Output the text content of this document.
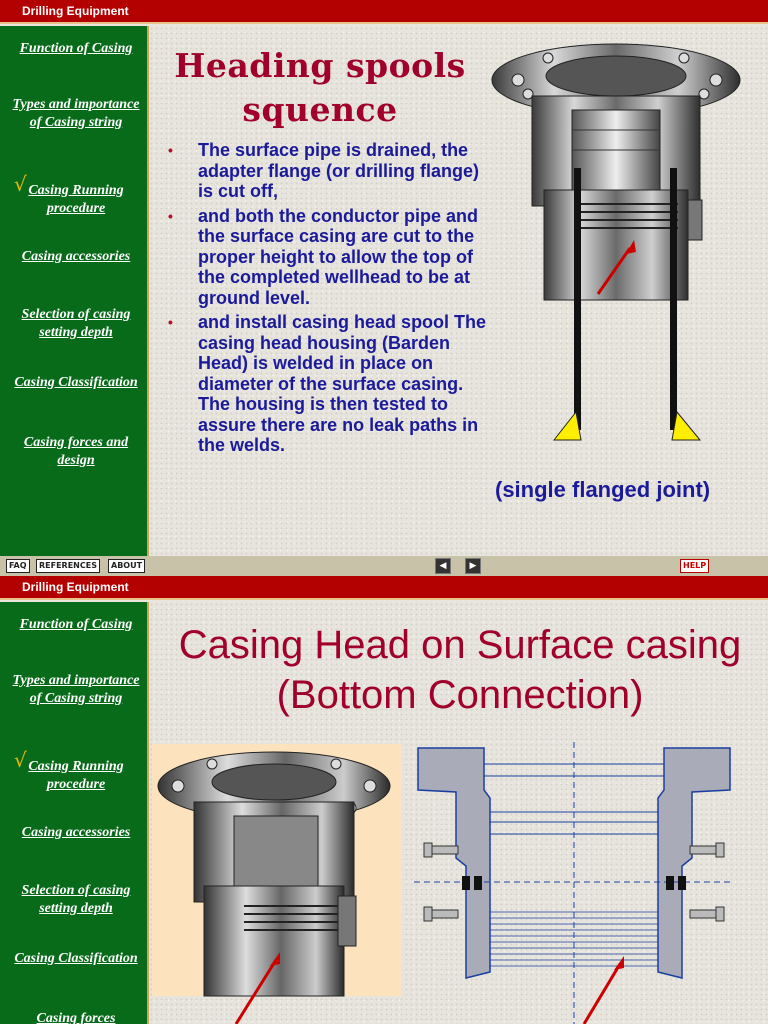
Drilling Equipment
Function of Casing
Types and importance of Casing string
√ Casing Running procedure
Casing accessories
Selection of casing setting depth
Casing Classification
Casing forces and design
Heading spools squence
• The surface pipe is drained, the adapter flange (or drilling flange) is cut off,
• and both the conductor pipe and the surface casing are cut to the proper height to allow the top of the completed wellhead to be at ground level.
• and install casing head spool The casing head housing (Barden Head) is welded in place on diameter of the surface casing. The housing is then tested to assure there are no leak paths in the welds.
(single flanged joint)
FAQ	REFERENCES	ABOUT	◀	▶	HELP
Drilling Equipment
Function of Casing
Types and importance of Casing string
√ Casing Running procedure
Casing accessories
Selection of casing setting depth
Casing Classification
Casing forces
Casing Head on Surface casing (Bottom Connection)
